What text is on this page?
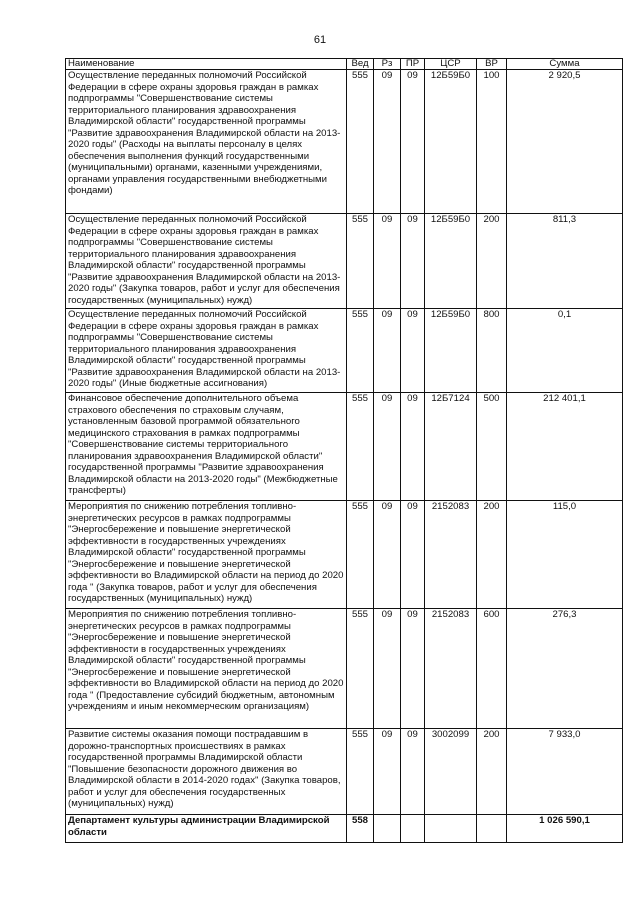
61
Наименование	Вед	Рз	ПР	ЦСР	ВР	Сумма
Осуществление переданных полномочий Российской Федерации в сфере охраны здоровья граждан в рамках подпрограммы "Совершенствование системы территориального планирования здравоохранения Владимирской области" государственной программы "Развитие здравоохранения Владимирской области на 2013-2020 годы" (Расходы на выплаты персоналу в целях обеспечения выполнения функций государственными (муниципальными) органами, казенными учреждениями, органами управления государственными внебюджетными фондами)	555	09	09	12Б59Б0	100	2 920,5
Осуществление переданных полномочий Российской Федерации в сфере охраны здоровья граждан в рамках подпрограммы "Совершенствование системы территориального планирования здравоохранения Владимирской области" государственной программы "Развитие здравоохранения Владимирской области на 2013-2020 годы" (Закупка товаров, работ и услуг для обеспечения государственных (муниципальных) нужд)	555	09	09	12Б59Б0	200	811,3
Осуществление переданных полномочий Российской Федерации в сфере охраны здоровья граждан в рамках подпрограммы "Совершенствование системы территориального планирования здравоохранения Владимирской области" государственной программы "Развитие здравоохранения Владимирской области на 2013-2020 годы" (Иные бюджетные ассигнования)	555	09	09	12Б59Б0	800	0,1
Финансовое обеспечение дополнительного объема страхового обеспечения по страховым случаям, установленным базовой программой обязательного медицинского страхования в рамках подпрограммы "Совершенствование системы территориального планирования здравоохранения Владимирской области" государственной программы "Развитие здравоохранения Владимирской области на 2013-2020 годы" (Межбюджетные трансферты)	555	09	09	12Б7124	500	212 401,1
Мероприятия по снижению потребления топливно-энергетических ресурсов в рамках подпрограммы "Энергосбережение и повышение энергетической эффективности в государственных учреждениях Владимирской области" государственной программы "Энергосбережение и повышение энергетической эффективности во Владимирской области на период до 2020 года " (Закупка товаров, работ и услуг для обеспечения государственных (муниципальных) нужд)	555	09	09	2152083	200	115,0
Мероприятия по снижению потребления топливно-энергетических ресурсов в рамках подпрограммы "Энергосбережение и повышение энергетической эффективности в государственных учреждениях Владимирской области" государственной программы "Энергосбережение и повышение энергетической эффективности во Владимирской области на период до 2020 года " (Предоставление субсидий бюджетным, автономным учреждениям и иным некоммерческим организациям)	555	09	09	2152083	600	276,3
Развитие системы оказания помощи пострадавшим в дорожно-транспортных происшествиях в рамках государственной программы Владимирской области "Повышение безопасности дорожного движения во Владимирской области в 2014-2020 годах" (Закупка товаров, работ и услуг для обеспечения государственных (муниципальных) нужд)	555	09	09	3002099	200	7 933,0
Департамент культуры администрации Владимирской области	558					1 026 590,1
